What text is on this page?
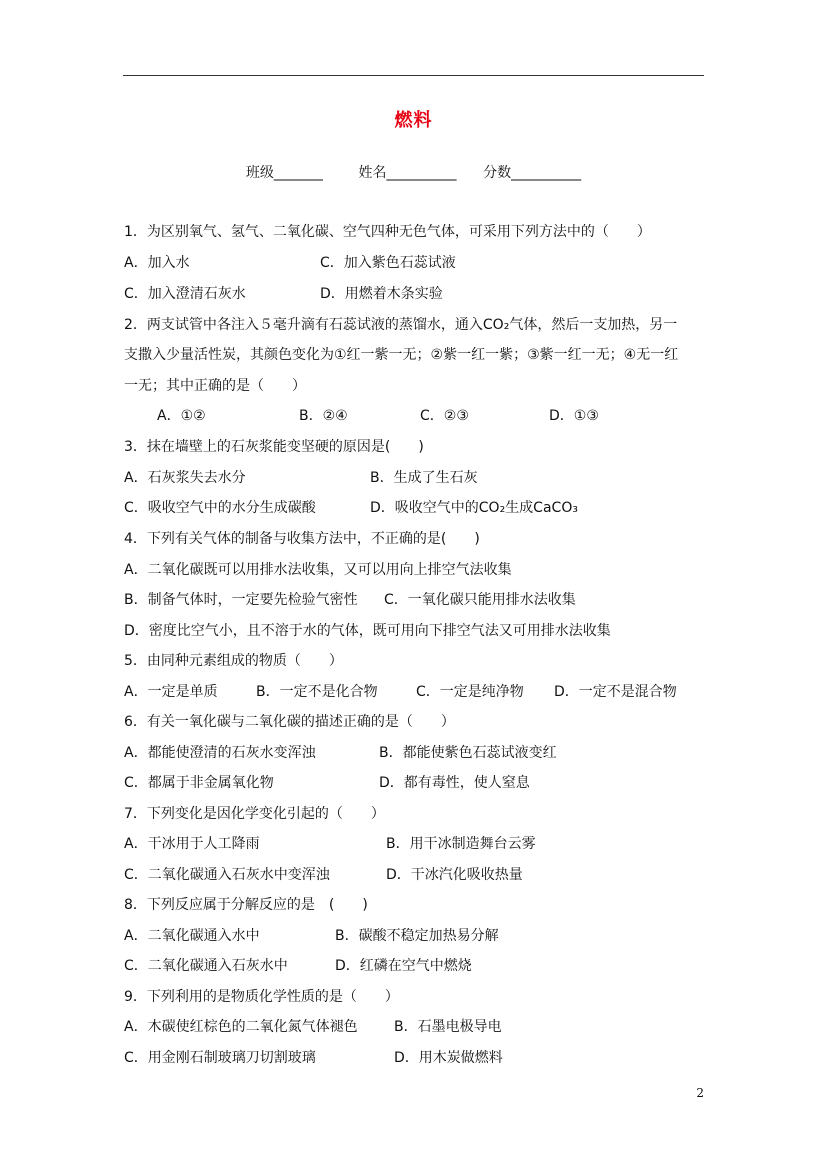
燃料
班级_______	姓名__________ 分数__________
1．为区别氧气、氢气、二氧化碳、空气四种无色气体，可采用下列方法中的（　　）
A．加入水	C．加入紫色石蕊试液
C．加入澄清石灰水	D．用燃着木条实验
2．两支试管中各注入５毫升滴有石蕊试液的蒸馏水，通入CO₂气体，然后一支加热，另一
支撒入少量活性炭，其颜色变化为①红一紫一无；②紫一红一紫；③紫一红一无；④无一红
一无；其中正确的是（　　）
A．①②	B．②④	C．②③	D．①③
3．抹在墙壁上的石灰浆能变坚硬的原因是(　　)
A．石灰浆失去水分	B．生成了生石灰
C．吸收空气中的水分生成碳酸	D．吸收空气中的CO₂生成CaCO₃
4．下列有关气体的制备与收集方法中，不正确的是(　　)
A．二氧化碳既可以用排水法收集，又可以用向上排空气法收集
B．制备气体时，一定要先检验气密性 C．一氧化碳只能用排水法收集
D．密度比空气小，且不溶于水的气体，既可用向下排空气法又可用排水法收集
5．由同种元素组成的物质（　　）
A．一定是单质	B．一定不是化合物	C．一定是纯净物 D．一定不是混合物
6．有关一氧化碳与二氧化碳的描述正确的是（　　）
A．都能使澄清的石灰水变浑浊	B．都能使紫色石蕊试液变红
C．都属于非金属氧化物	D．都有毒性，使人窒息
7．下列变化是因化学变化引起的（　　）
A．干冰用于人工降雨	B．用干冰制造舞台云雾
C．二氧化碳通入石灰水中变浑浊	D．干冰汽化吸收热量
8．下列反应属于分解反应的是　(　　)
A．二氧化碳通入水中	B．碳酸不稳定加热易分解
C．二氧化碳通入石灰水中	D．红磷在空气中燃烧
9．下列利用的是物质化学性质的是（　　）
A．木碳使红棕色的二氧化氮气体褪色	B．石墨电极导电
C．用金刚石制玻璃刀切割玻璃	D．用木炭做燃料
2
